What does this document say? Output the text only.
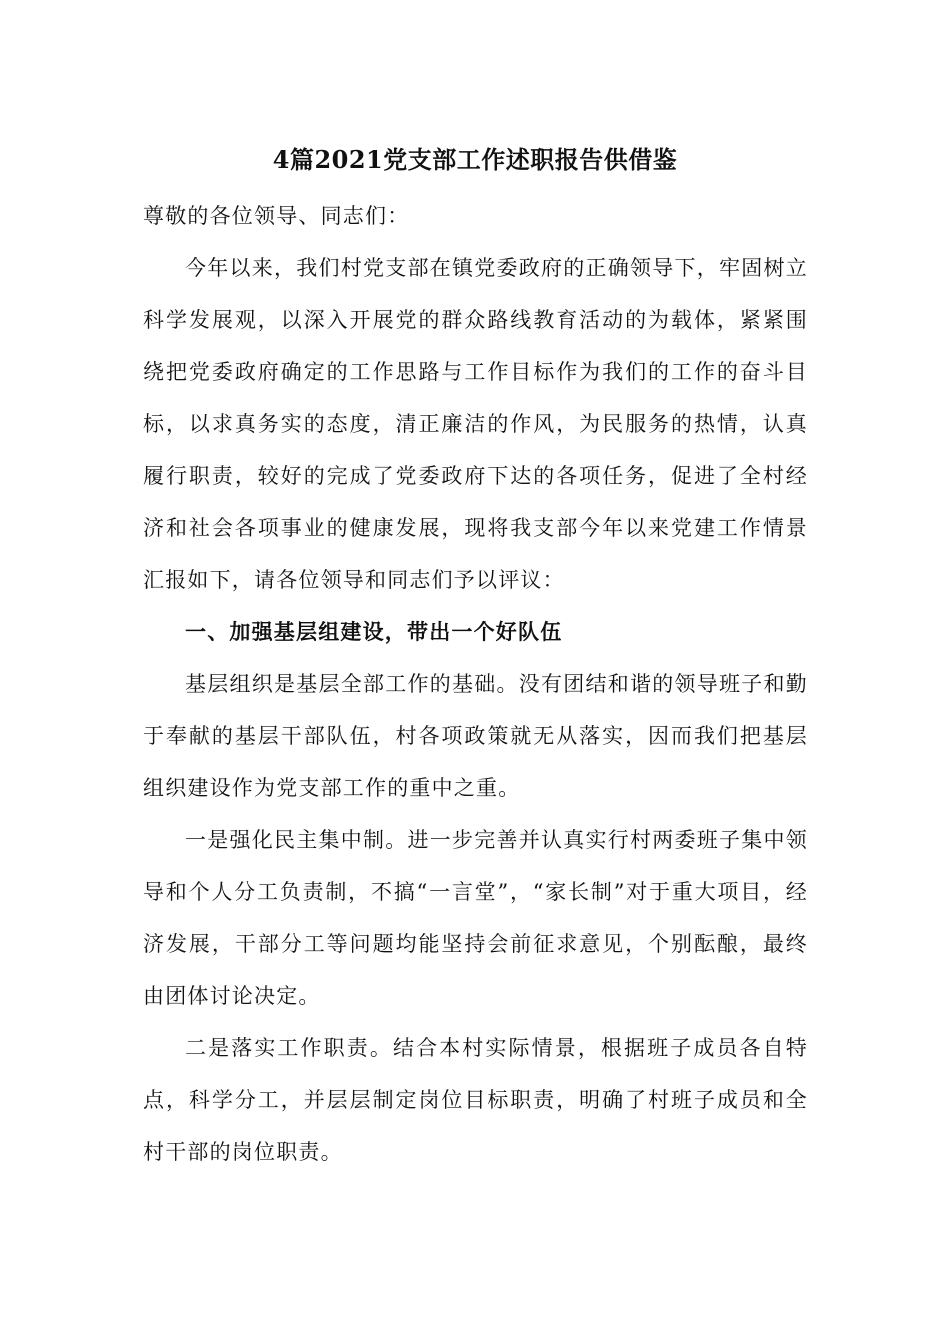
4篇2021党支部工作述职报告供借鉴

尊敬的各位领导、同志们：

今年以来，我们村党支部在镇党委政府的正确领导下，牢固树立科学发展观，以深入开展党的群众路线教育活动的为载体，紧紧围绕把党委政府确定的工作思路与工作目标作为我们的工作的奋斗目标，以求真务实的态度，清正廉洁的作风，为民服务的热情，认真履行职责，较好的完成了党委政府下达的各项任务，促进了全村经济和社会各项事业的健康发展，现将我支部今年以来党建工作情景汇报如下，请各位领导和同志们予以评议：

一、加强基层组建设，带出一个好队伍

基层组织是基层全部工作的基础。没有团结和谐的领导班子和勤于奉献的基层干部队伍，村各项政策就无从落实，因而我们把基层组织建设作为党支部工作的重中之重。

一是强化民主集中制。进一步完善并认真实行村两委班子集中领导和个人分工负责制，不搞“一言堂”，“家长制”对于重大项目，经济发展，干部分工等问题均能坚持会前征求意见，个别酝酿，最终由团体讨论决定。

二是落实工作职责。结合本村实际情景，根据班子成员各自特点，科学分工，并层层制定岗位目标职责，明确了村班子成员和全村干部的岗位职责。
